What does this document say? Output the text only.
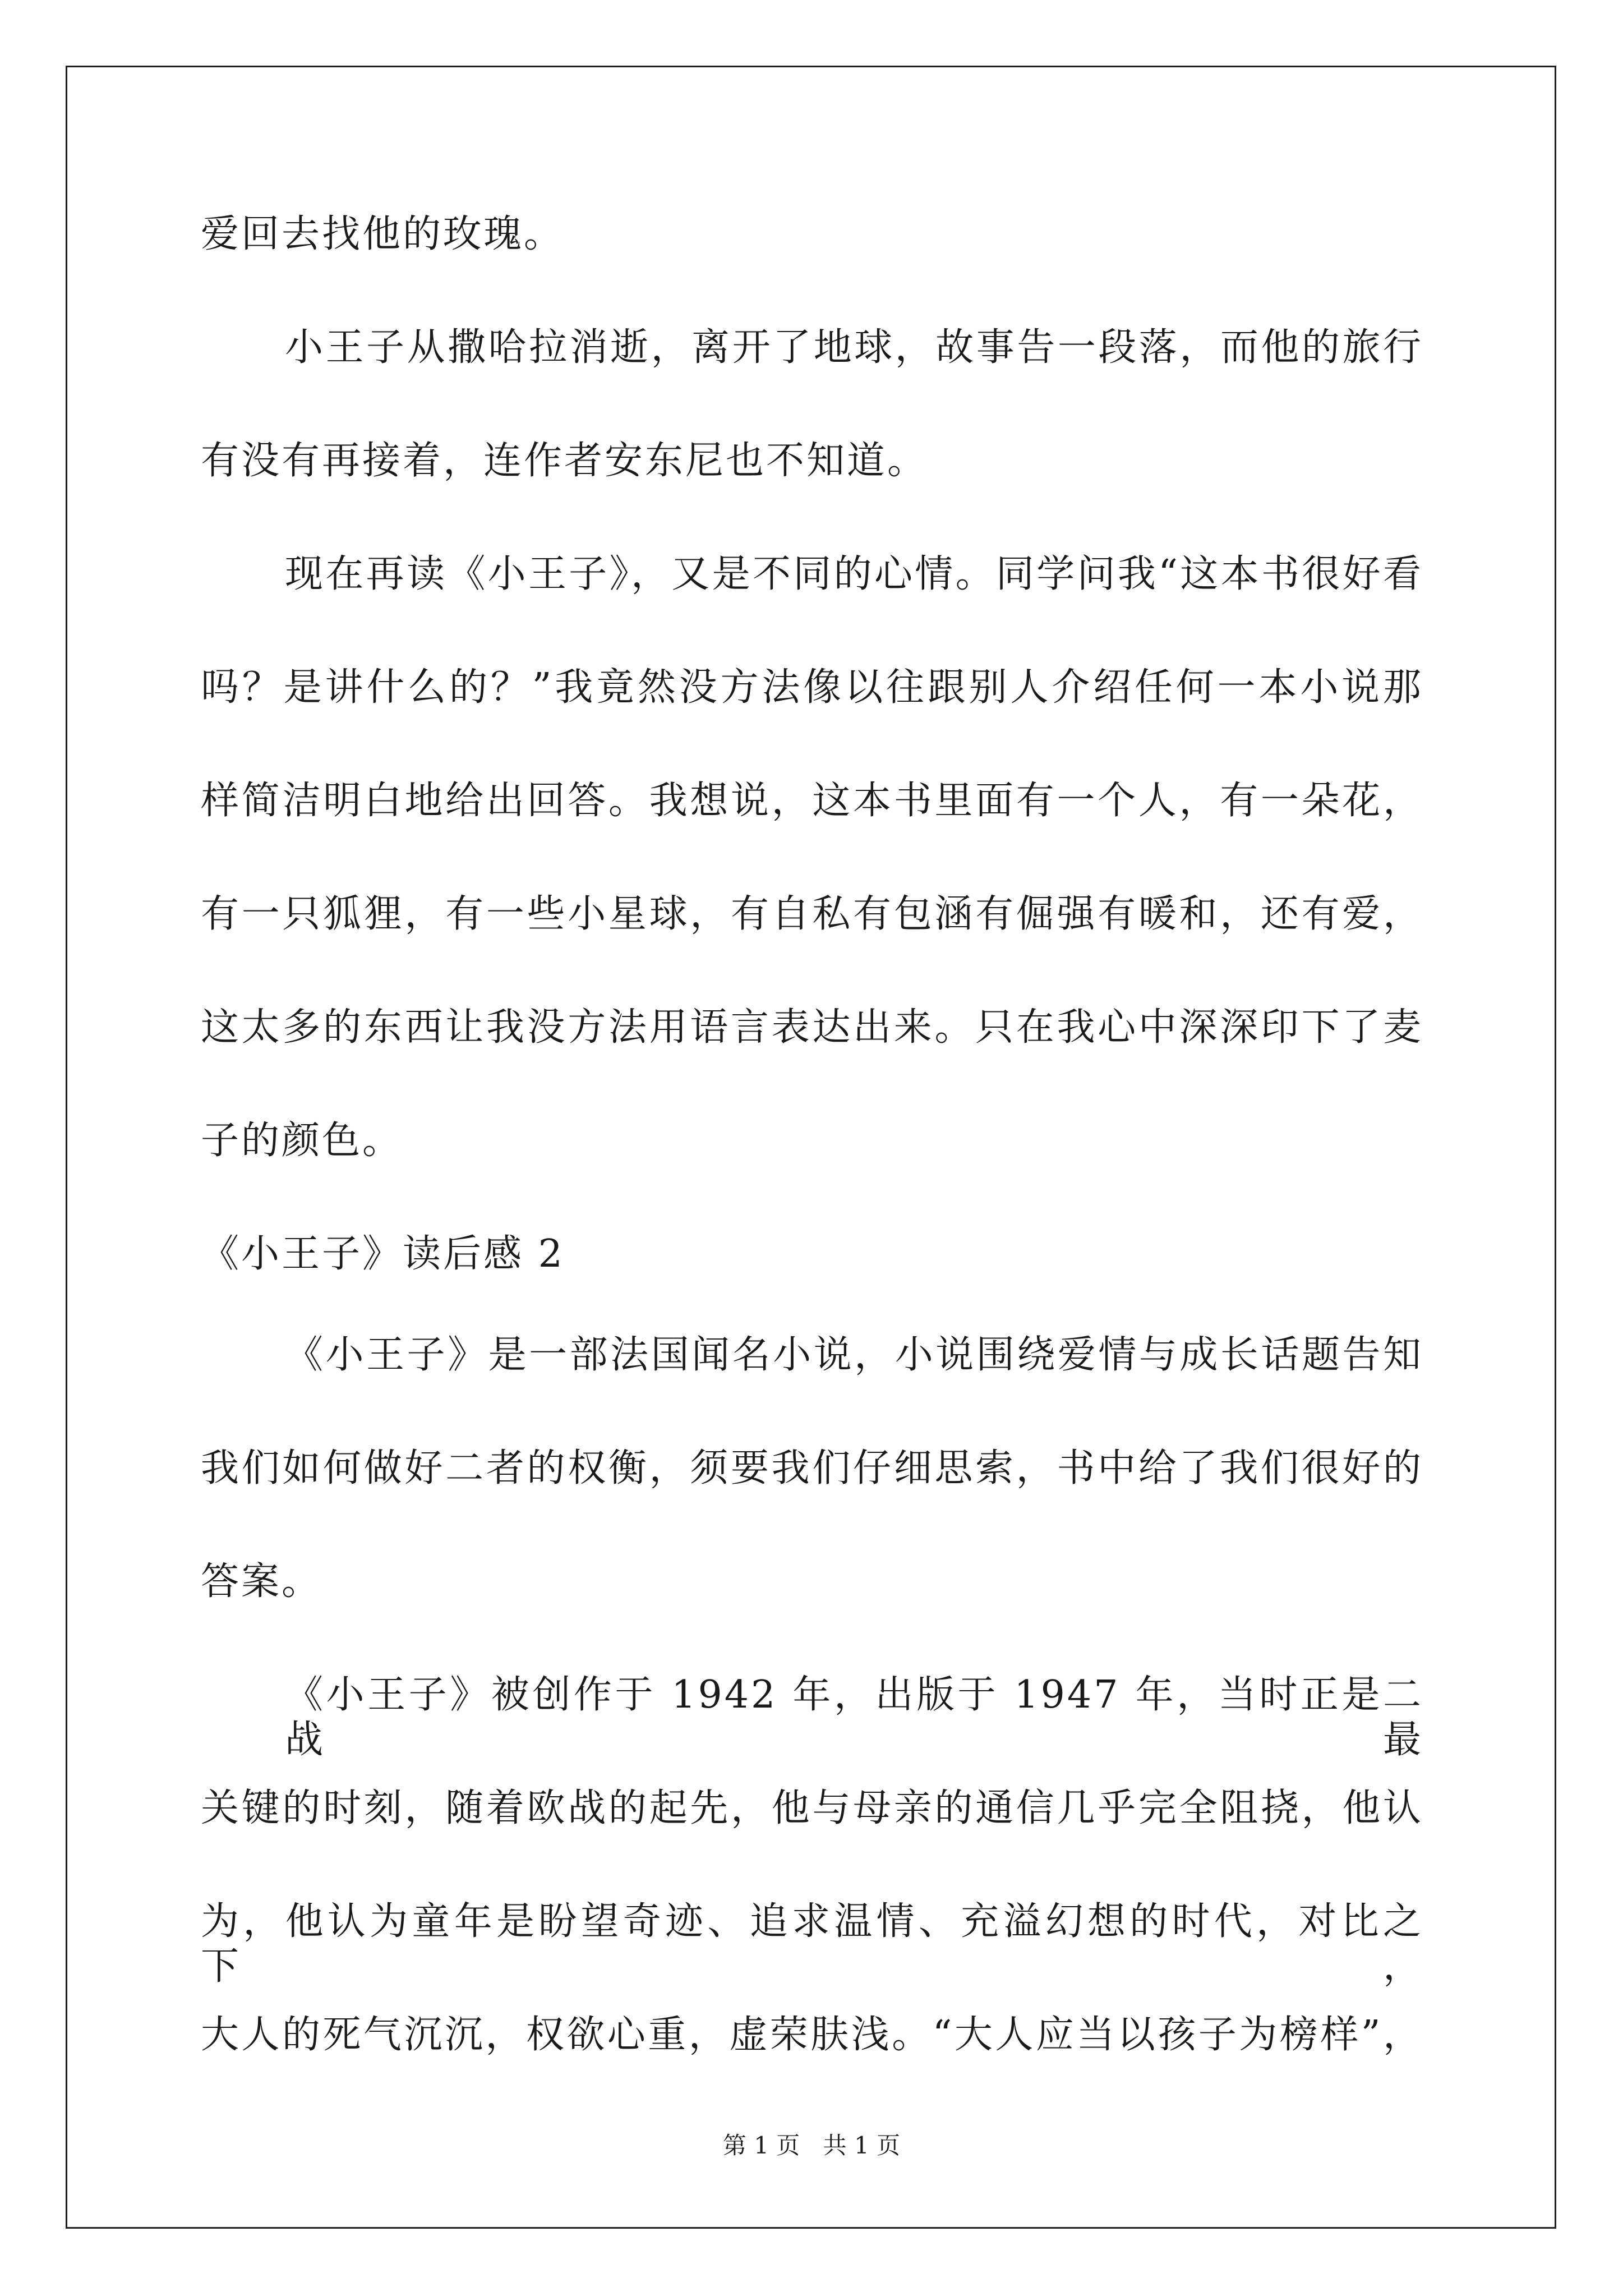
爱回去找他的玫瑰。
小王子从撒哈拉消逝，离开了地球，故事告一段落，而他的旅行
有没有再接着，连作者安东尼也不知道。
现在再读《小王子》，又是不同的心情。同学问我“这本书很好看
吗？是讲什么的？”我竟然没方法像以往跟别人介绍任何一本小说那
样简洁明白地给出回答。我想说，这本书里面有一个人，有一朵花，
有一只狐狸，有一些小星球，有自私有包涵有倔强有暖和，还有爱，
这太多的东西让我没方法用语言表达出来。只在我心中深深印下了麦
子的颜色。
《小王子》读后感 2
《小王子》是一部法国闻名小说，小说围绕爱情与成长话题告知
我们如何做好二者的权衡，须要我们仔细思索，书中给了我们很好的
答案。
《小王子》被创作于 1942 年，出版于 1947 年，当时正是二战最
关键的时刻，随着欧战的起先，他与母亲的通信几乎完全阻挠，他认
为，他认为童年是盼望奇迹、追求温情、充溢幻想的时代，对比之下，
大人的死气沉沉，权欲心重，虚荣肤浅。“大人应当以孩子为榜样”，
第 1 页 共 1 页
